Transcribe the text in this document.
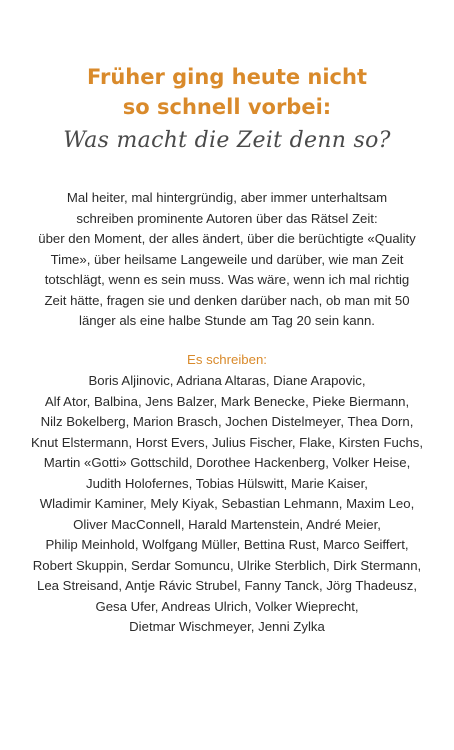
Früher ging heute nicht
so schnell vorbei:
Was macht die Zeit denn so?
Mal heiter, mal hintergründig, aber immer unterhaltsam
schreiben prominente Autoren über das Rätsel Zeit:
über den Moment, der alles ändert, über die berüchtigte «Quality
Time», über heilsame Langeweile und darüber, wie man Zeit
totschlägt, wenn es sein muss. Was wäre, wenn ich mal richtig
Zeit hätte, fragen sie und denken darüber nach, ob man mit 50
länger als eine halbe Stunde am Tag 20 sein kann.
Es schreiben:
Boris Aljinovic, Adriana Altaras, Diane Arapovic,
Alf Ator, Balbina, Jens Balzer, Mark Benecke, Pieke Biermann,
Nilz Bokelberg, Marion Brasch, Jochen Distelmeyer, Thea Dorn,
Knut Elstermann, Horst Evers, Julius Fischer, Flake, Kirsten Fuchs,
Martin «Gotti» Gottschild, Dorothee Hackenberg, Volker Heise,
Judith Holofernes, Tobias Hülswitt, Marie Kaiser,
Wladimir Kaminer, Mely Kiyak, Sebastian Lehmann, Maxim Leo,
Oliver MacConnell, Harald Martenstein, André Meier,
Philip Meinhold, Wolfgang Müller, Bettina Rust, Marco Seiffert,
Robert Skuppin, Serdar Somuncu, Ulrike Sterblich, Dirk Stermann,
Lea Streisand, Antje Rávic Strubel, Fanny Tanck, Jörg Thadeusz,
Gesa Ufer, Andreas Ulrich, Volker Wieprecht,
Dietmar Wischmeyer, Jenni Zylka
